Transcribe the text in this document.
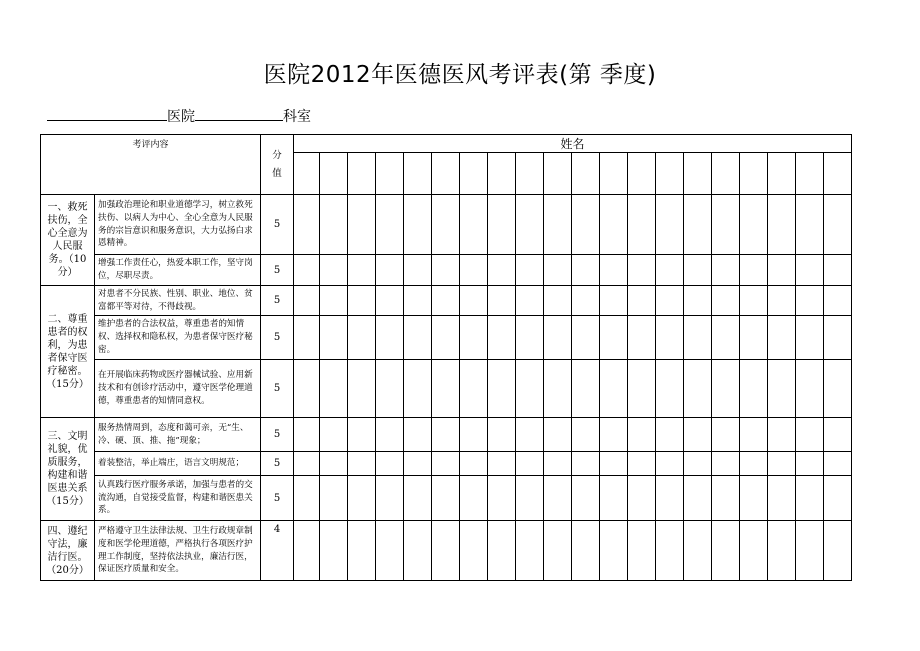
医院2012年医德医风考评表(第 季度)
医院	科室
考评内容		分值	姓名																			

一、救死扶伤，全心全意为人民服务。（10分）	加强政治理论和职业道德学习，树立救死扶伤、以病人为中心、全心全意为人民服务的宗旨意识和服务意识，大力弘扬白求恩精神。	5																				
	增强工作责任心，热爱本职工作，坚守岗位，尽职尽责。	5																				
二、尊重患者的权利，为患者保守医疗秘密。（15分）	对患者不分民族、性别、职业、地位、贫富都平等对待，不得歧视。	5																				
	维护患者的合法权益，尊重患者的知情权、选择权和隐私权，为患者保守医疗秘密。	5																				
	在开展临床药物或医疗器械试验、应用新技术和有创诊疗活动中，遵守医学伦理道德，尊重患者的知情同意权。	5																				
三、文明礼貌，优质服务，构建和谐医患关系（15分）	服务热情周到，态度和蔼可亲，无“生、冷、硬、顶、推、拖”现象；	5																				
	着装整洁，举止端庄，语言文明规范；	5																				
	认真践行医疗服务承诺，加强与患者的交流沟通，自觉接受监督，构建和谐医患关系。	5																				
四、遵纪守法，廉洁行医。（20分）	严格遵守卫生法律法规、卫生行政规章制度和医学伦理道德，严格执行各项医疗护理工作制度，坚持依法执业，廉洁行医，保证医疗质量和安全。	4																				
